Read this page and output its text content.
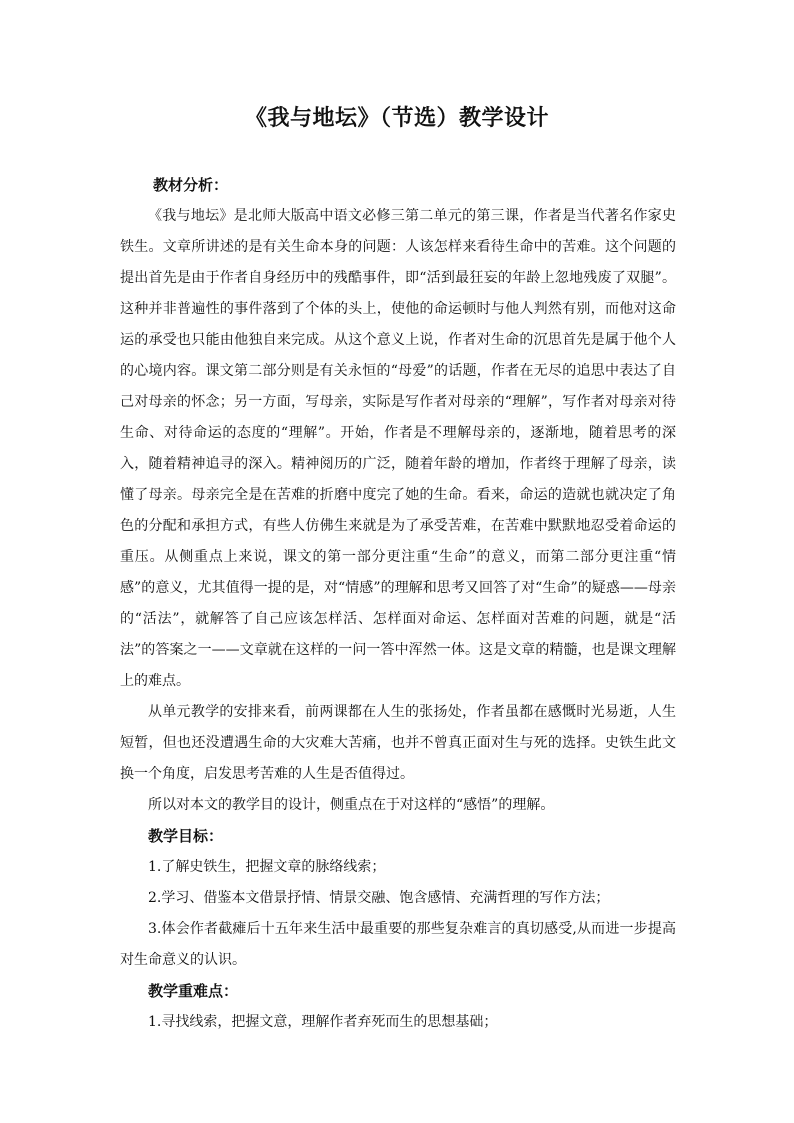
《我与地坛》（节选）教学设计

教材分析：

《我与地坛》是北师大版高中语文必修三第二单元的第三课，作者是当代著名作家史铁生。文章所讲述的是有关生命本身的问题：人该怎样来看待生命中的苦难。这个问题的提出首先是由于作者自身经历中的残酷事件，即“活到最狂妄的年龄上忽地残废了双腿”。这种并非普遍性的事件落到了个体的头上，使他的命运顿时与他人判然有别，而他对这命运的承受也只能由他独自来完成。从这个意义上说，作者对生命的沉思首先是属于他个人的心境内容。课文第二部分则是有关永恒的“母爱”的话题，作者在无尽的追思中表达了自己对母亲的怀念；另一方面，写母亲，实际是写作者对母亲的“理解”，写作者对母亲对待生命、对待命运的态度的“理解”。开始，作者是不理解母亲的，逐渐地，随着思考的深入，随着精神追寻的深入。精神阅历的广泛，随着年龄的增加，作者终于理解了母亲，读懂了母亲。母亲完全是在苦难的折磨中度完了她的生命。看来，命运的造就也就决定了角色的分配和承担方式，有些人仿佛生来就是为了承受苦难，在苦难中默默地忍受着命运的重压。从侧重点上来说，课文的第一部分更注重“生命”的意义，而第二部分更注重“情感”的意义，尤其值得一提的是，对“情感”的理解和思考又回答了对“生命”的疑惑——母亲的“活法”，就解答了自己应该怎样活、怎样面对命运、怎样面对苦难的问题，就是“活法”的答案之一——文章就在这样的一问一答中浑然一体。这是文章的精髓，也是课文理解上的难点。

从单元教学的安排来看，前两课都在人生的张扬处，作者虽都在感慨时光易逝，人生短暂，但也还没遭遇生命的大灾难大苦痛，也并不曾真正面对生与死的选择。史铁生此文换一个角度，启发思考苦难的人生是否值得过。

所以对本文的教学目的设计，侧重点在于对这样的“感悟”的理解。

教学目标：

1.了解史铁生，把握文章的脉络线索；

2.学习、借鉴本文借景抒情、情景交融、饱含感情、充满哲理的写作方法；

3.体会作者截瘫后十五年来生活中最重要的那些复杂难言的真切感受,从而进一步提高对生命意义的认识。

教学重难点：

1.寻找线索，把握文意，理解作者弃死而生的思想基础；
